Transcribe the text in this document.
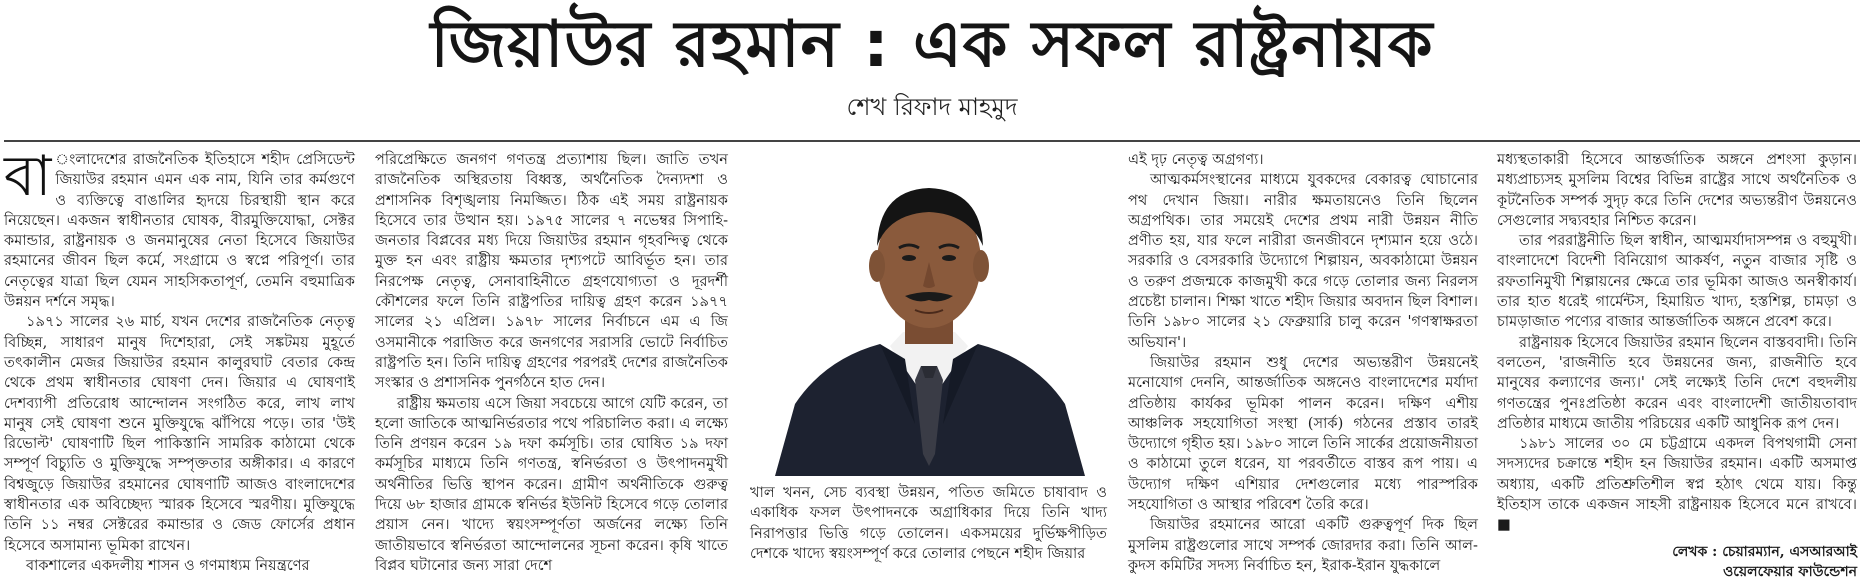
জিয়াউর রহমান : এক সফল রাষ্ট্রনায়ক
শেখ রিফাদ মাহমুদ

বা ংলাদেশের রাজনৈতিক ইতিহাসে শহীদ প্রেসিডেন্ট জিয়াউর রহমান এমন এক নাম, যিনি তার কর্মগুণে ও ব্যক্তিত্বে বাঙালির হৃদয়ে চিরস্থায়ী স্থান করে নিয়েছেন। একজন স্বাধীনতার ঘোষক, বীরমুক্তিযোদ্ধা, সেক্টর কমান্ডার, রাষ্ট্রনায়ক ও জনমানুষের নেতা হিসেবে জিয়াউর রহমানের জীবন ছিল কর্মে, সংগ্রামে ও স্বপ্নে পরিপূর্ণ। তার নেতৃত্বের যাত্রা ছিল যেমন সাহসিকতাপূর্ণ, তেমনি বহুমাত্রিক উন্নয়ন দর্শনে সমৃদ্ধ।

১৯৭১ সালের ২৬ মার্চ, যখন দেশের রাজনৈতিক নেতৃত্ব বিচ্ছিন্ন, সাধারণ মানুষ দিশেহারা, সেই সঙ্কটময় মুহূর্তে তৎকালীন মেজর জিয়াউর রহমান কালুরঘাট বেতার কেন্দ্র থেকে প্রথম স্বাধীনতার ঘোষণা দেন। জিয়ার এ ঘোষণাই দেশব্যাপী প্রতিরোধ আন্দোলন সংগঠিত করে, লাখ লাখ মানুষ সেই ঘোষণা শুনে মুক্তিযুদ্ধে ঝাঁপিয়ে পড়ে। তার 'উই রিভোল্ট' ঘোষণাটি ছিল পাকিস্তানি সামরিক কাঠামো থেকে সম্পূর্ণ বিচ্যুতি ও মুক্তিযুদ্ধে সম্পৃক্ততার অঙ্গীকার। এ কারণে বিশ্বজুড়ে জিয়াউর রহমানের ঘোষণাটি আজও বাংলাদেশের স্বাধীনতার এক অবিচ্ছেদ্য স্মারক হিসেবে স্মরণীয়। মুক্তিযুদ্ধে তিনি ১১ নম্বর সেক্টরের কমান্ডার ও জেড ফোর্সের প্রধান হিসেবে অসামান্য ভূমিকা রাখেন।

বাকশালের একদলীয় শাসন ও গণমাধ্যম নিয়ন্ত্রণের

পরিপ্রেক্ষিতে জনগণ গণতন্ত্র প্রত্যাশায় ছিল। জাতি তখন রাজনৈতিক অস্থিরতায় বিধ্বস্ত, অর্থনৈতিক দৈন্যদশা ও প্রশাসনিক বিশৃঙ্খলায় নিমজ্জিত। ঠিক এই সময় রাষ্ট্রনায়ক হিসেবে তার উত্থান হয়। ১৯৭৫ সালের ৭ নভেম্বর সিপাহি-জনতার বিপ্লবের মধ্য দিয়ে জিয়াউর রহমান গৃহবন্দিত্ব থেকে মুক্ত হন এবং রাষ্ট্রীয় ক্ষমতার দৃশ্যপটে আবির্ভূত হন। তার নিরপেক্ষ নেতৃত্ব, সেনাবাহিনীতে গ্রহণযোগ্যতা ও দূরদর্শী কৌশলের ফলে তিনি রাষ্ট্রপতির দায়িত্ব গ্রহণ করেন ১৯৭৭ সালের ২১ এপ্রিল। ১৯৭৮ সালের নির্বাচনে এম এ জি ওসমানীকে পরাজিত করে জনগণের সরাসরি ভোটে নির্বাচিত রাষ্ট্রপতি হন। তিনি দায়িত্ব গ্রহণের পরপরই দেশের রাজনৈতিক সংস্কার ও প্রশাসনিক পুনর্গঠনে হাত দেন।

রাষ্ট্রীয় ক্ষমতায় এসে জিয়া সবচেয়ে আগে যেটি করেন, তা হলো জাতিকে আত্মনির্ভরতার পথে পরিচালিত করা। এ লক্ষ্যে তিনি প্রণয়ন করেন ১৯ দফা কর্মসূচি। তার ঘোষিত ১৯ দফা কর্মসূচির মাধ্যমে তিনি গণতন্ত্র, স্বনির্ভরতা ও উৎপাদনমুখী অর্থনীতির ভিত্তি স্থাপন করেন। গ্রামীণ অর্থনীতিকে গুরুত্ব দিয়ে ৬৮ হাজার গ্রামকে স্বনির্ভর ইউনিট হিসেবে গড়ে তোলার প্রয়াস নেন। খাদ্যে স্বয়ংসম্পূর্ণতা অর্জনের লক্ষ্যে তিনি জাতীয়ভাবে স্বনির্ভরতা আন্দোলনের সূচনা করেন। কৃষি খাতে বিপ্লব ঘটানোর জন্য সারা দেশে

খাল খনন, সেচ ব্যবস্থা উন্নয়ন, পতিত জমিতে চাষাবাদ ও একাধিক ফসল উৎপাদনকে অগ্রাধিকার দিয়ে তিনি খাদ্য নিরাপত্তার ভিত্তি গড়ে তোলেন। একসময়ের দুর্ভিক্ষপীড়িত দেশকে খাদ্যে স্বয়ংসম্পূর্ণ করে তোলার পেছনে শহীদ জিয়ার

এই দৃঢ় নেতৃত্ব অগ্রগণ্য।

আত্মকর্মসংস্থানের মাধ্যমে যুবকদের বেকারত্ব ঘোচানোর পথ দেখান জিয়া। নারীর ক্ষমতায়নেও তিনি ছিলেন অগ্রপথিক। তার সময়েই দেশের প্রথম নারী উন্নয়ন নীতি প্রণীত হয়, যার ফলে নারীরা জনজীবনে দৃশ্যমান হয়ে ওঠে। সরকারি ও বেসরকারি উদ্যোগে শিল্পায়ন, অবকাঠামো উন্নয়ন ও তরুণ প্রজন্মকে কাজমুখী করে গড়ে তোলার জন্য নিরলস প্রচেষ্টা চালান। শিক্ষা খাতে শহীদ জিয়ার অবদান ছিল বিশাল। তিনি ১৯৮০ সালের ২১ ফেব্রুয়ারি চালু করেন 'গণস্বাক্ষরতা অভিযান'।

জিয়াউর রহমান শুধু দেশের অভ্যন্তরীণ উন্নয়নেই মনোযোগ দেননি, আন্তর্জাতিক অঙ্গনেও বাংলাদেশের মর্যাদা প্রতিষ্ঠায় কার্যকর ভূমিকা পালন করেন। দক্ষিণ এশীয় আঞ্চলিক সহযোগিতা সংস্থা (সার্ক) গঠনের প্রস্তাব তারই উদ্যোগে গৃহীত হয়। ১৯৮০ সালে তিনি সার্কের প্রয়োজনীয়তা ও কাঠামো তুলে ধরেন, যা পরবর্তীতে বাস্তব রূপ পায়। এ উদ্যোগ দক্ষিণ এশিয়ার দেশগুলোর মধ্যে পারস্পরিক সহযোগিতা ও আস্থার পরিবেশ তৈরি করে।

জিয়াউর রহমানের আরো একটি গুরুত্বপূর্ণ দিক ছিল মুসলিম রাষ্ট্রগুলোর সাথে সম্পর্ক জোরদার করা। তিনি আল-কুদস কমিটির সদস্য নির্বাচিত হন, ইরাক-ইরান যুদ্ধকালে

মধ্যস্থতাকারী হিসেবে আন্তর্জাতিক অঙ্গনে প্রশংসা কুড়ান। মধ্যপ্রাচ্যসহ মুসলিম বিশ্বের বিভিন্ন রাষ্ট্রের সাথে অর্থনৈতিক ও কূটনৈতিক সম্পর্ক সুদৃঢ় করে তিনি দেশের অভ্যন্তরীণ উন্নয়নেও সেগুলোর সদ্ব্যবহার নিশ্চিত করেন।

তার পররাষ্ট্রনীতি ছিল স্বাধীন, আত্মমর্যাদাসম্পন্ন ও বহুমুখী। বাংলাদেশে বিদেশী বিনিয়োগ আকর্ষণ, নতুন বাজার সৃষ্টি ও রফতানিমুখী শিল্পায়নের ক্ষেত্রে তার ভূমিকা আজও অনস্বীকার্য। তার হাত ধরেই গার্মেন্টস, হিমায়িত খাদ্য, হস্তশিল্প, চামড়া ও চামড়াজাত পণ্যের বাজার আন্তর্জাতিক অঙ্গনে প্রবেশ করে।

রাষ্ট্রনায়ক হিসেবে জিয়াউর রহমান ছিলেন বাস্তববাদী। তিনি বলতেন, 'রাজনীতি হবে উন্নয়নের জন্য, রাজনীতি হবে মানুষের কল্যাণের জন্য।' সেই লক্ষ্যেই তিনি দেশে বহুদলীয় গণতন্ত্রের পুনঃপ্রতিষ্ঠা করেন এবং বাংলাদেশী জাতীয়তাবাদ প্রতিষ্ঠার মাধ্যমে জাতীয় পরিচয়ের একটি আধুনিক রূপ দেন।

১৯৮১ সালের ৩০ মে চট্টগ্রামে একদল বিপথগামী সেনা সদস্যদের চক্রান্তে শহীদ হন জিয়াউর রহমান। একটি অসমাপ্ত অধ্যায়, একটি প্রতিশ্রুতিশীল স্বপ্ন হঠাৎ থেমে যায়। কিন্তু ইতিহাস তাকে একজন সাহসী রাষ্ট্রনায়ক হিসেবে মনে রাখবে। ■

লেখক : চেয়ারম্যান, এসআরআই
ওয়েলফেয়ার ফাউন্ডেশন
